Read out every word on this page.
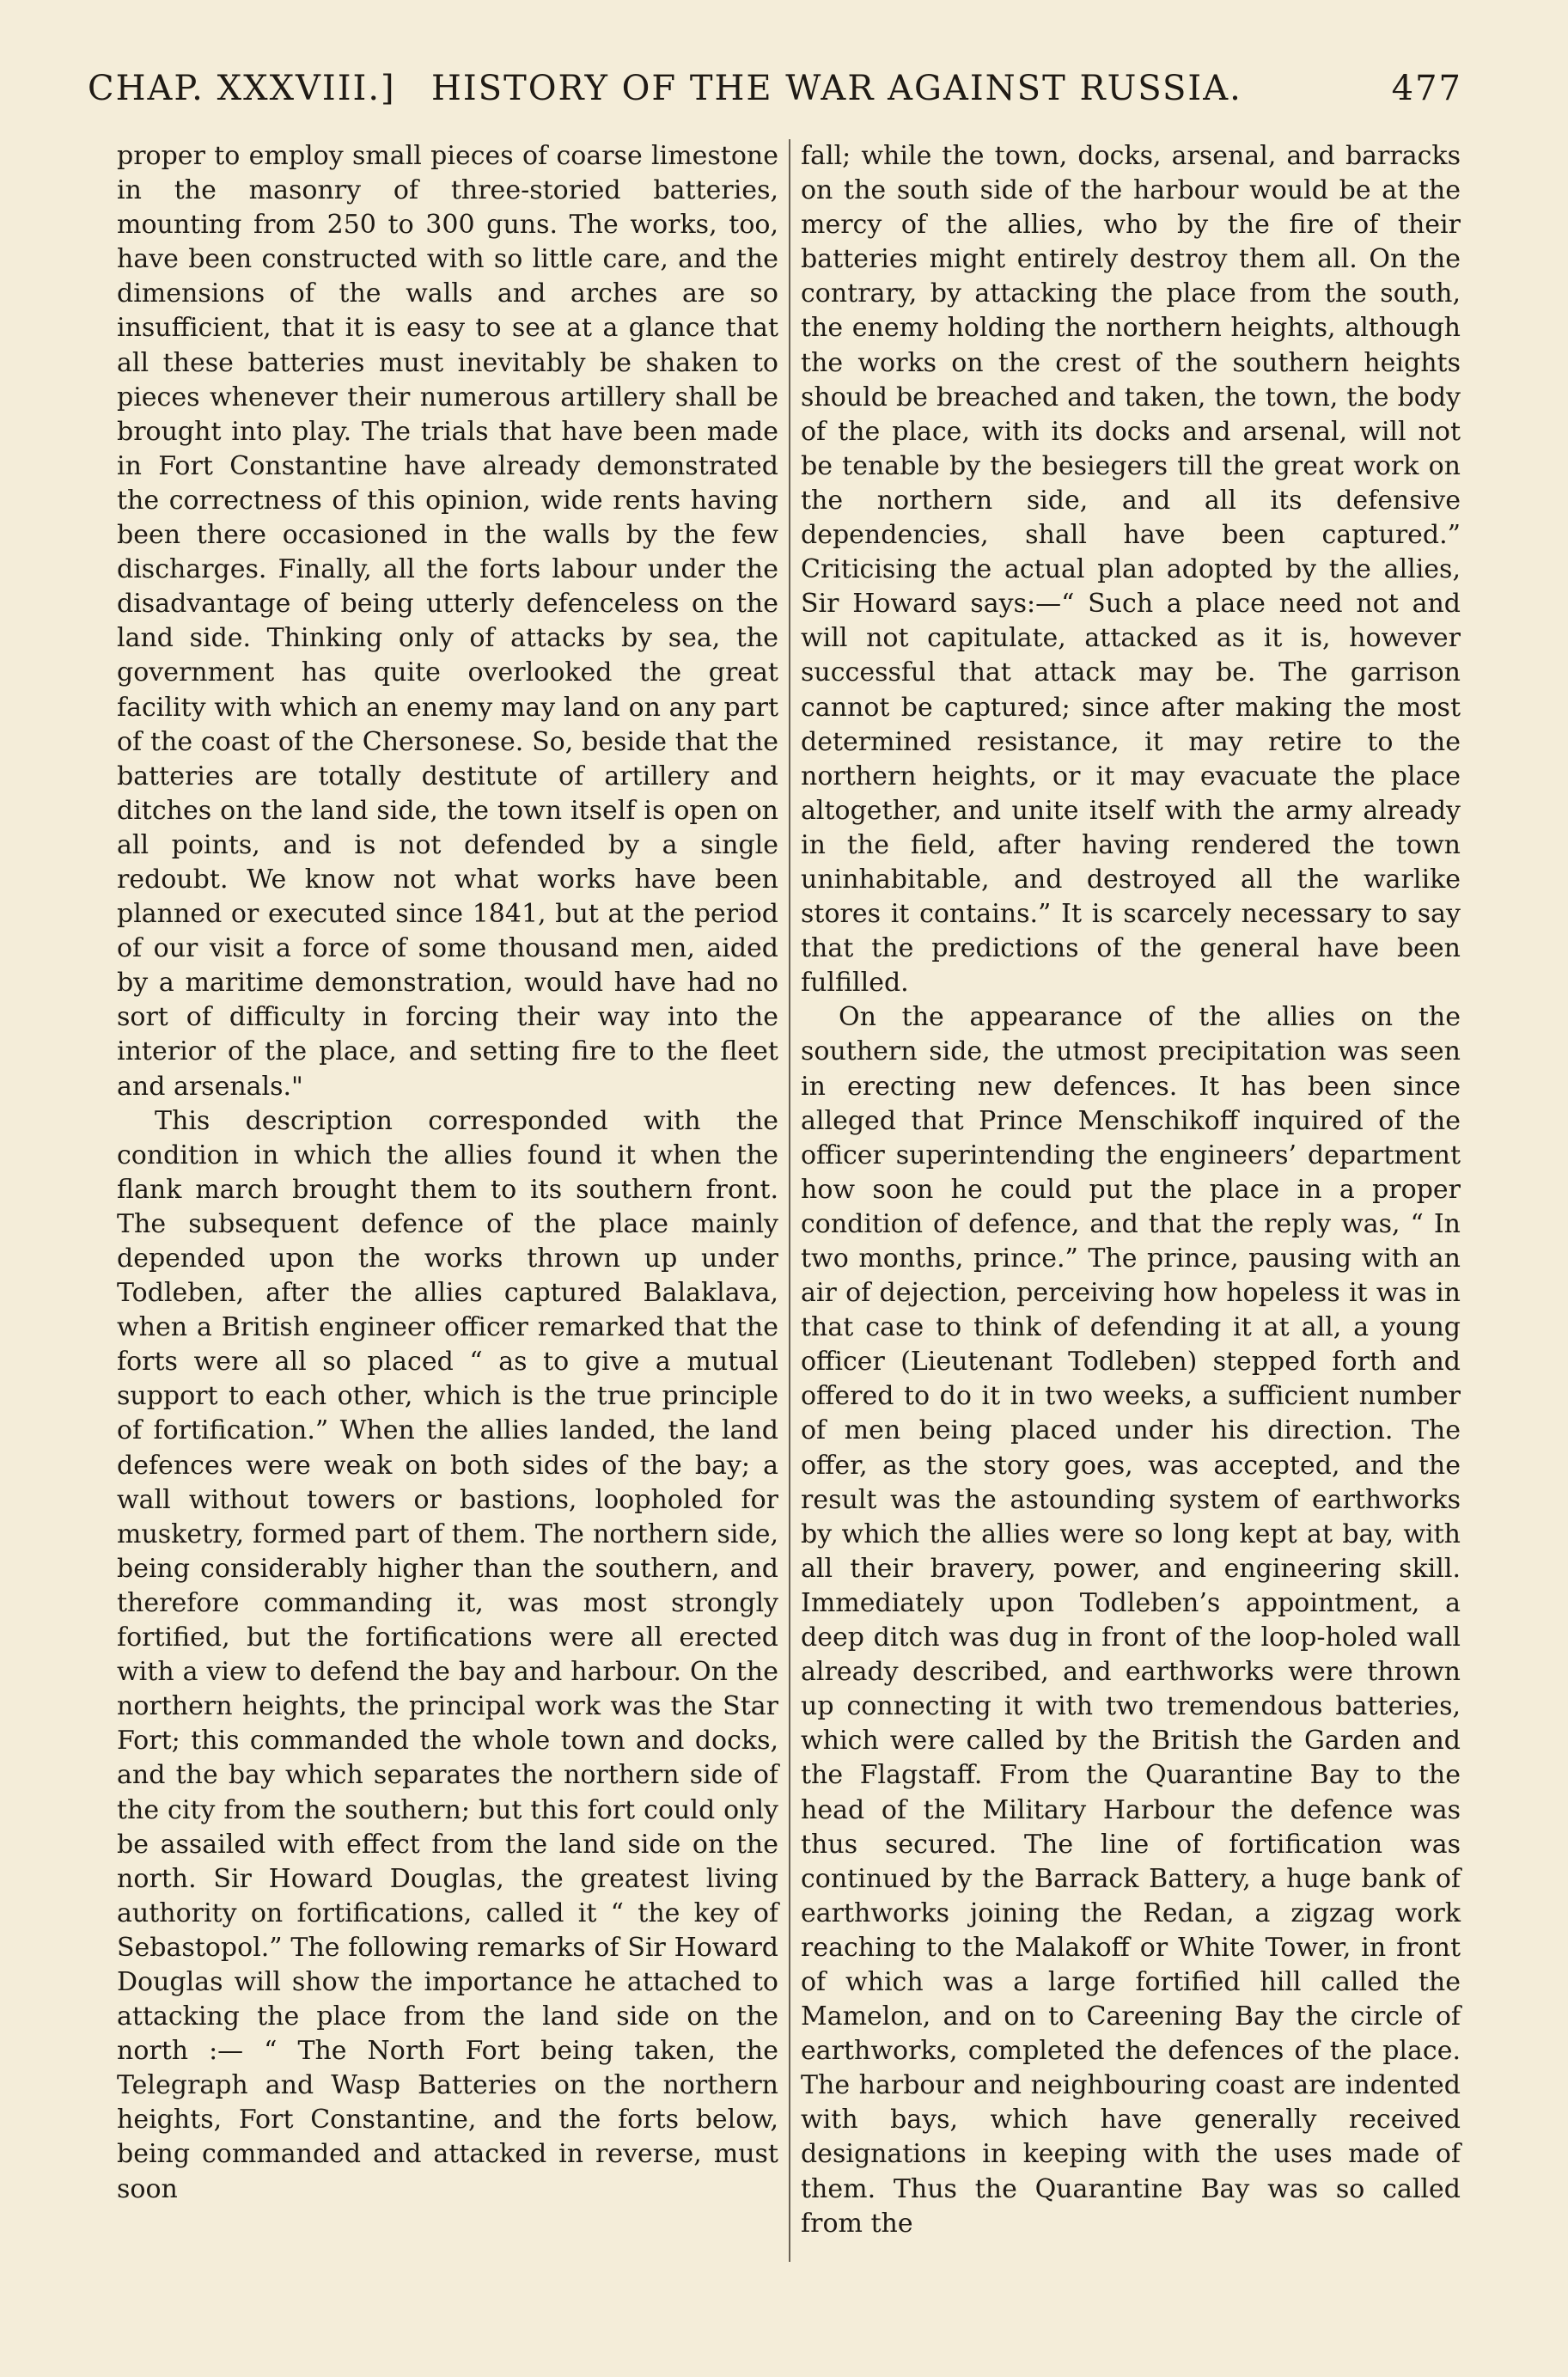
CHAP. XXXVIII.] HISTORY OF THE WAR AGAINST RUSSIA.	477

proper to employ small pieces of coarse limestone in the masonry of three-storied batteries, mounting from 250 to 300 guns. The works, too, have been constructed with so little care, and the dimensions of the walls and arches are so insufficient, that it is easy to see at a glance that all these batteries must inevitably be shaken to pieces whenever their numerous artillery shall be brought into play. The trials that have been made in Fort Constantine have already demonstrated the correctness of this opinion, wide rents having been there occasioned in the walls by the few discharges. Finally, all the forts labour under the disadvantage of being utterly defenceless on the land side. Thinking only of attacks by sea, the government has quite overlooked the great facility with which an enemy may land on any part of the coast of the Chersonese. So, beside that the batteries are totally destitute of artillery and ditches on the land side, the town itself is open on all points, and is not defended by a single redoubt. We know not what works have been planned or executed since 1841, but at the period of our visit a force of some thousand men, aided by a maritime demonstration, would have had no sort of difficulty in forcing their way into the interior of the place, and setting fire to the fleet and arsenals."

This description corresponded with the condition in which the allies found it when the flank march brought them to its southern front. The subsequent defence of the place mainly depended upon the works thrown up under Todleben, after the allies captured Balaklava, when a British engineer officer remarked that the forts were all so placed “ as to give a mutual support to each other, which is the true principle of fortification.” When the allies landed, the land defences were weak on both sides of the bay; a wall without towers or bastions, loopholed for musketry, formed part of them. The northern side, being considerably higher than the southern, and therefore commanding it, was most strongly fortified, but the fortifications were all erected with a view to defend the bay and harbour. On the northern heights, the principal work was the Star Fort; this commanded the whole town and docks, and the bay which separates the northern side of the city from the southern; but this fort could only be assailed with effect from the land side on the north. Sir Howard Douglas, the greatest living authority on fortifications, called it “ the key of Sebastopol.” The following remarks of Sir Howard Douglas will show the importance he attached to attacking the place from the land side on the north :— “ The North Fort being taken, the Telegraph and Wasp Batteries on the northern heights, Fort Constantine, and the forts below, being commanded and attacked in reverse, must soon

fall; while the town, docks, arsenal, and barracks on the south side of the harbour would be at the mercy of the allies, who by the fire of their batteries might entirely destroy them all. On the contrary, by attacking the place from the south, the enemy holding the northern heights, although the works on the crest of the southern heights should be breached and taken, the town, the body of the place, with its docks and arsenal, will not be tenable by the besiegers till the great work on the northern side, and all its defensive dependencies, shall have been captured.” Criticising the actual plan adopted by the allies, Sir Howard says:—“ Such a place need not and will not capitulate, attacked as it is, however successful that attack may be. The garrison cannot be captured; since after making the most determined resistance, it may retire to the northern heights, or it may evacuate the place altogether, and unite itself with the army already in the field, after having rendered the town uninhabitable, and destroyed all the warlike stores it contains.” It is scarcely necessary to say that the predictions of the general have been fulfilled.

On the appearance of the allies on the southern side, the utmost precipitation was seen in erecting new defences. It has been since alleged that Prince Menschikoff inquired of the officer superintending the engineers’ department how soon he could put the place in a proper condition of defence, and that the reply was, “ In two months, prince.” The prince, pausing with an air of dejection, perceiving how hopeless it was in that case to think of defending it at all, a young officer (Lieutenant Todleben) stepped forth and offered to do it in two weeks, a sufficient number of men being placed under his direction. The offer, as the story goes, was accepted, and the result was the astounding system of earthworks by which the allies were so long kept at bay, with all their bravery, power, and engineering skill. Immediately upon Todleben’s appointment, a deep ditch was dug in front of the loop-holed wall already described, and earthworks were thrown up connecting it with two tremendous batteries, which were called by the British the Garden and the Flagstaff. From the Quarantine Bay to the head of the Military Harbour the defence was thus secured. The line of fortification was continued by the Barrack Battery, a huge bank of earthworks joining the Redan, a zigzag work reaching to the Malakoff or White Tower, in front of which was a large fortified hill called the Mamelon, and on to Careening Bay the circle of earthworks, completed the defences of the place. The harbour and neighbouring coast are indented with bays, which have generally received designations in keeping with the uses made of them. Thus the Quarantine Bay was so called from the
